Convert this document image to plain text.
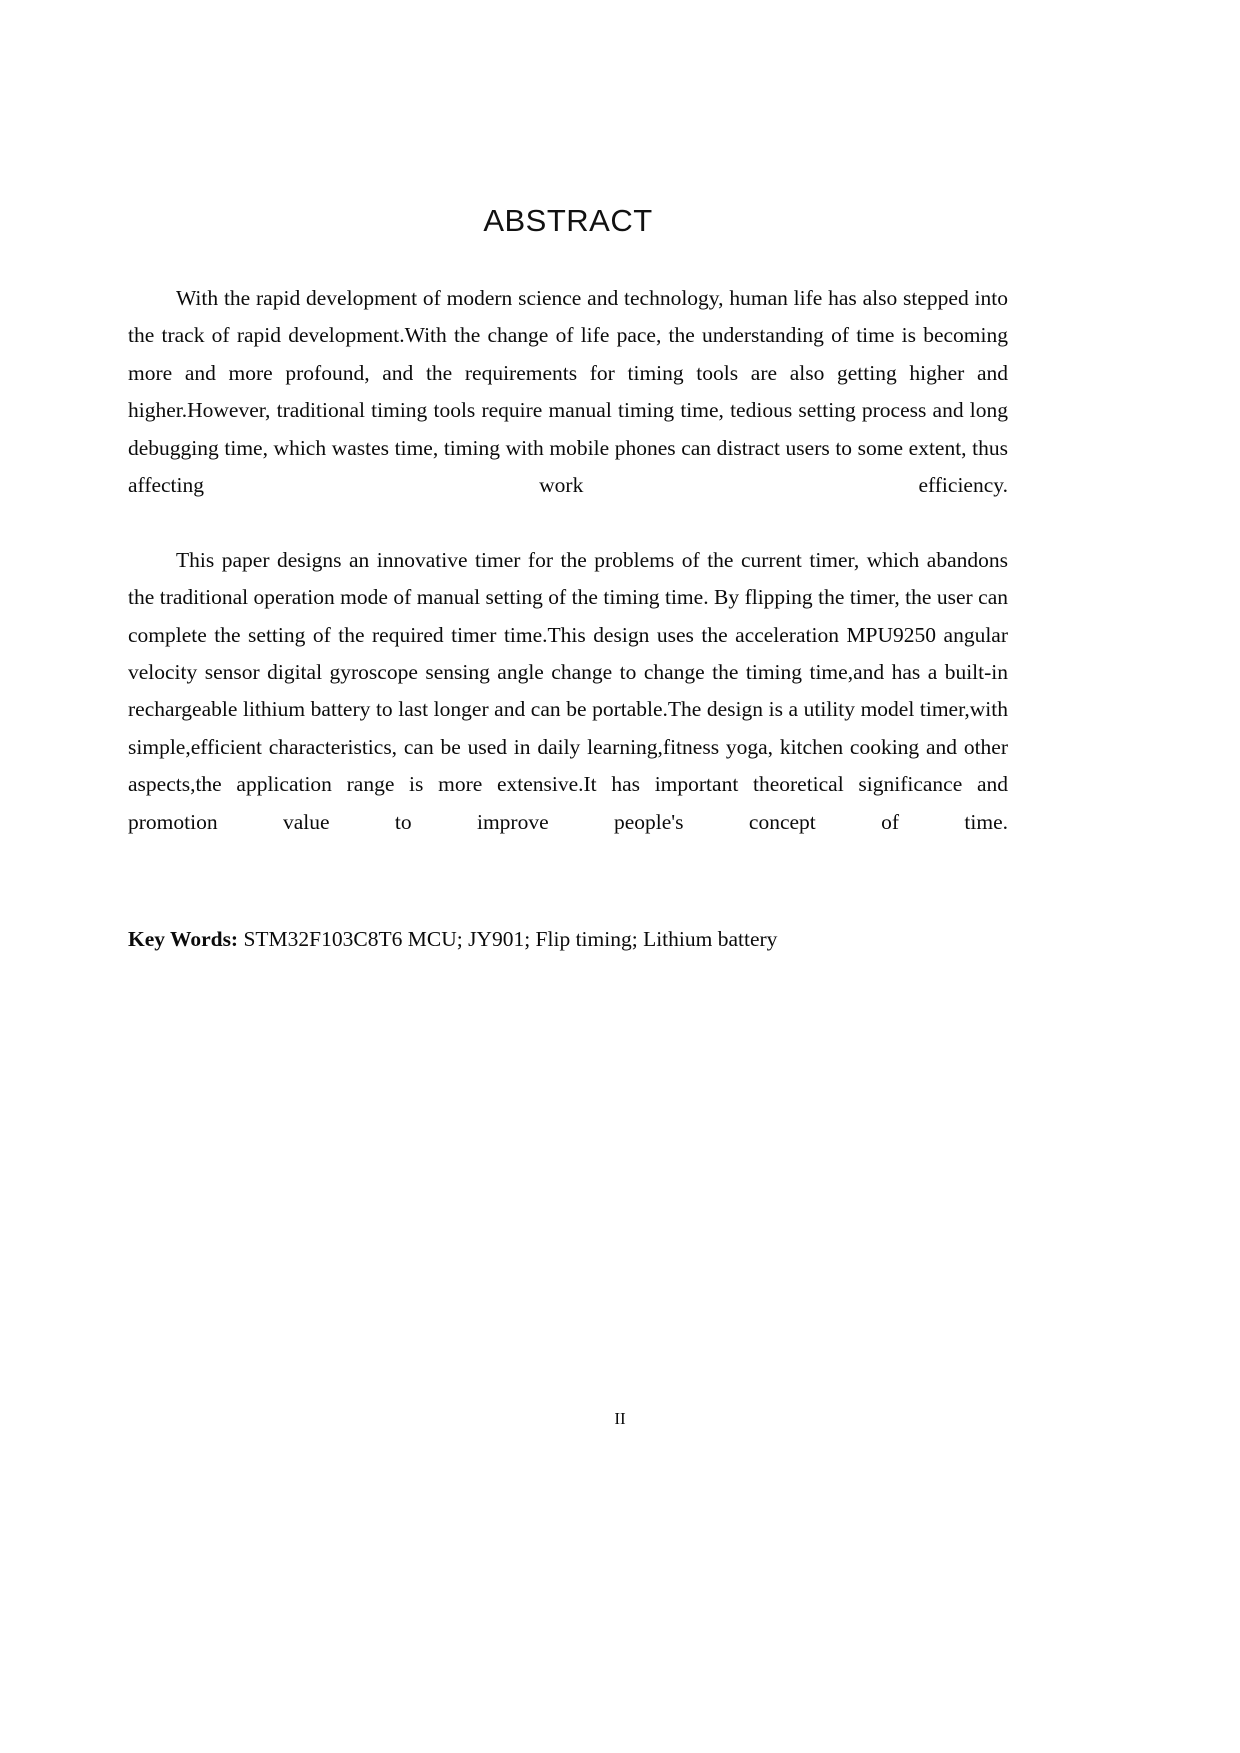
ABSTRACT

With the rapid development of modern science and technology, human life has also stepped into the track of rapid development.With the change of life pace, the understanding of time is becoming more and more profound, and the requirements for timing tools are also getting higher and higher.However, traditional timing tools require manual timing time, tedious setting process and long debugging time, which wastes time, timing with mobile phones can distract users to some extent, thus affecting work efficiency.

This paper designs an innovative timer for the problems of the current timer, which abandons the traditional operation mode of manual setting of the timing time. By flipping the timer, the user can complete the setting of the required timer time.This design uses the acceleration MPU9250 angular velocity sensor digital gyroscope sensing angle change to change the timing time,and has a built-in rechargeable lithium battery to last longer and can be portable.The design is a utility model timer,with simple,efficient characteristics, can be used in daily learning,fitness yoga, kitchen cooking and other aspects,the application range is more extensive.It has important theoretical significance and promotion value to improve people's concept of time.

Key Words: STM32F103C8T6 MCU; JY901; Flip timing; Lithium battery

II
